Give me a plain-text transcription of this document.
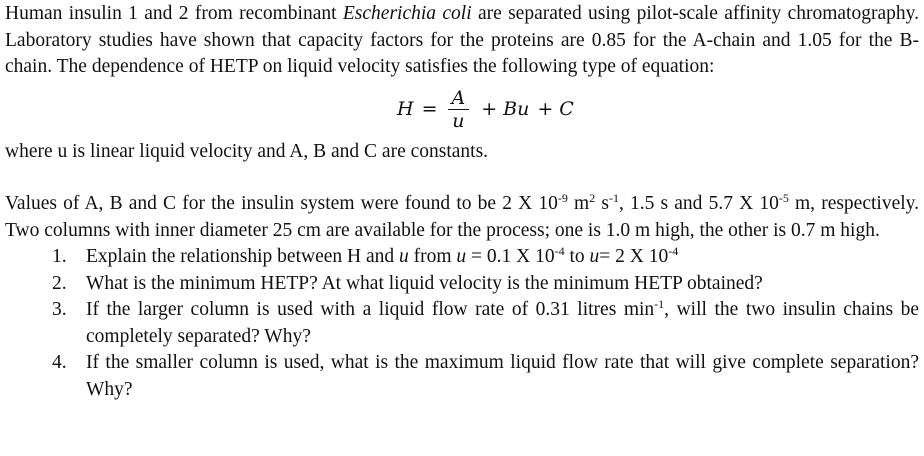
Human insulin 1 and 2 from recombinant Escherichia coli are separated using pilot-scale affinity chromatography. Laboratory studies have shown that capacity factors for the proteins are 0.85 for the A-chain and 1.05 for the B-chain. The dependence of HETP on liquid velocity satisfies the following type of equation:

$H = \frac{A}{u} + Bu + C$

where u is linear liquid velocity and A, B and C are constants.

Values of A, B and C for the insulin system were found to be 2 X $10^{-9}$ $m^2$ $s^{-1}$, 1.5 s and 5.7 X $10^{-5}$ m, respectively. Two columns with inner diameter 25 cm are available for the process; one is 1.0 m high, the other is 0.7 m high.

1. Explain the relationship between H and u from u = 0.1 X $10^{-4}$ to u= 2 X $10^{-4}$
2. What is the minimum HETP? At what liquid velocity is the minimum HETP obtained?
3. If the larger column is used with a liquid flow rate of 0.31 litres $\min^{-1}$, will the two insulin chains be completely separated? Why?
4. If the smaller column is used, what is the maximum liquid flow rate that will give complete separation? Why?
